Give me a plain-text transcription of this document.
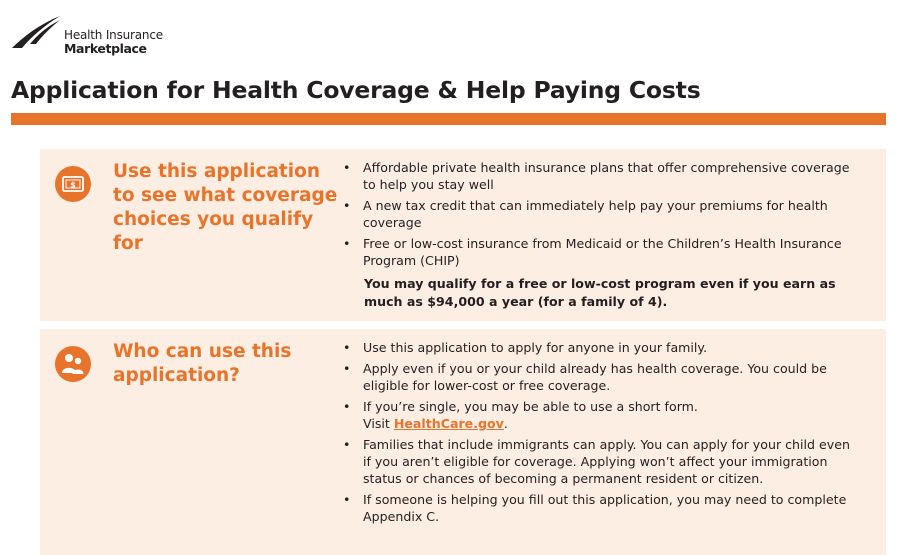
Health Insurance
Marketplace
Application for Health Coverage & Help Paying Costs
$
Use this application to see what coverage choices you qualify for
• Affordable private health insurance plans that offer comprehensive coverage to help you stay well
• A new tax credit that can immediately help pay your premiums for health coverage
• Free or low-cost insurance from Medicaid or the Children’s Health Insurance Program (CHIP)

You may qualify for a free or low-cost program even if you earn as much as $94,000 a year (for a family of 4).

Who can use this application?
• Use this application to apply for anyone in your family.
• Apply even if you or your child already has health coverage. You could be eligible for lower-cost or free coverage.
• If you’re single, you may be able to use a short form.
Visit HealthCare.gov.
• Families that include immigrants can apply. You can apply for your child even if you aren’t eligible for coverage. Applying won’t affect your immigration status or chances of becoming a permanent resident or citizen.
• If someone is helping you fill out this application, you may need to complete Appendix C.
